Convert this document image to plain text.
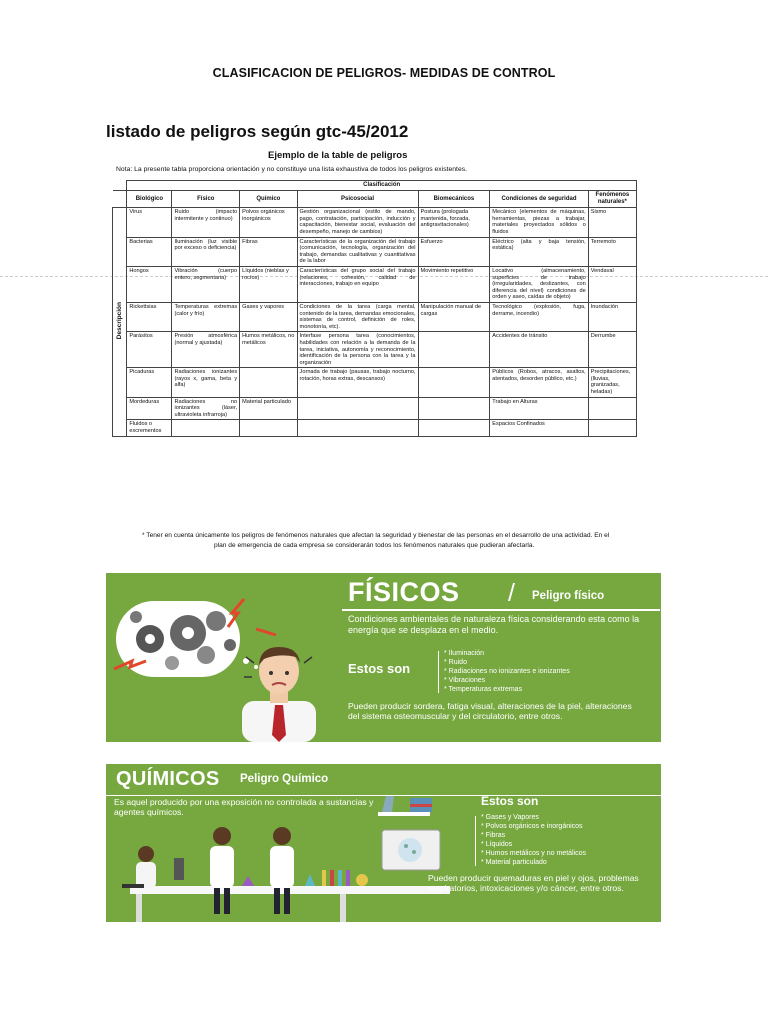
CLASIFICACION DE PELIGROS- MEDIDAS DE CONTROL
listado de peligros según gtc-45/2012
Ejemplo de la table de peligros
Nota: La presente tabla proporciona orientación y no constituye una lista exhaustiva de todos los peligros existentes.
	Clasificación						
	Biológico	Físico	Químico	Psicosocial	Biomecánicos	Condiciones de seguridad	Fenómenos naturales*
Descripción	Virus	Ruido (impacto intermitente y continuo)	Polvos orgánicos inorgánicos	Gestión organizacional (estilo de mando, pago, contratación, participación, inducción y capacitación, bienestar social, evaluación del desempeño, manejo de cambios)	Postura (prologada mantenida, forzada, antigravitacionales)	Mecánico (elementos de máquinas, herramientas, piezas a trabajar, materiales proyectados sólidos o fluidos	Sismo
	Bacterias	Iluminación (luz visible por exceso o deficiencia)	Fibras	Características de la organización del trabajo (comunicación, tecnología, organización del trabajo, demandas cualitativas y cuantitativas de la labor	Esfuerzo	Eléctrico (alta y baja tensión, estática)	Terremoto
	Hongos	Vibración (cuerpo entero, segmentaria)	Líquidos (nieblas y rocíos)	Características del grupo social del trabajo (relaciones, cohesión, calidad de interacciones, trabajo en equipo	Movimiento repetitivo	Locativo (almacenamiento, superficies de trabajo (irregularidades, deslizantes, con diferencia del nivel) condiciones de orden y aseo, caídas de objeto)	Vendaval
	Rickettsias	Temperaturas extremas (calor y frío)	Gases y vapores	Condiciones de la tarea (carga mental, contenido de la tarea, demandas emocionales, sistemas de control, definición de roles, monotonía, etc).	Manipulación manual de cargas	Tecnológico (explosión, fuga, derrame, incendio)	Inundación
	Parásitos	Presión atmosférica (normal y ajustada)	Humos metálicos, no metálicos	Interfase persona tarea (conocimientos, habilidades con relación a la demanda de la tarea, iniciativa, autonomía y reconocimiento, identificación de la persona con la tarea y la organización		Accidentes de tránsito	Derrumbe
	Picaduras	Radiaciones ionizantes (rayos x, gama, beta y alfa)		Jornada de trabajo (pausas, trabajo nocturno, rotación, horas extras, descansos)		Públicos (Robos, atracos, asaltos, atentados, desorden público, etc.)	Precipitaciones, (lluvias, granizadas, heladas)
	Mordeduras	Radiaciones no ionizantes (láser, ultravioleta infrarroja)	Material particulado			Trabajo en Alturas	
	Fluidos o excrementos					Espacios Confinados	
* Tener en cuenta únicamente los peligros de fenómenos naturales que afectan la seguridad y bienestar de las personas en el desarrollo de una actividad. En el
plan de emergencia de cada empresa se considerarán todos los fenómenos naturales que pudieran afectarla.
FÍSICOS / Peligro físico
Condiciones ambientales de naturaleza física considerando esta como la energía que se desplaza en el medio.
Estos son
* Iluminación
* Ruido
* Radiaciones no ionizantes e ionizantes
* Vibraciones
* Temperaturas extremas
Pueden producir sordera, fatiga visual, alteraciones de la piel, alteraciones del sistema osteomuscular y del circulatorio, entre otros.
QUÍMICOS Peligro Químico
Es aquel producido por una exposición no controlada a sustancias y agentes químicos.
Estos son
* Gases y Vapores
* Polvos orgánicos e inorgánicos
* Fibras
* Líquidos
* Humos metálicos y no metálicos
* Material particulado
Pueden producir quemaduras en piel y ojos, problemas respiratorios, intoxicaciones y/o cáncer, entre otros.
